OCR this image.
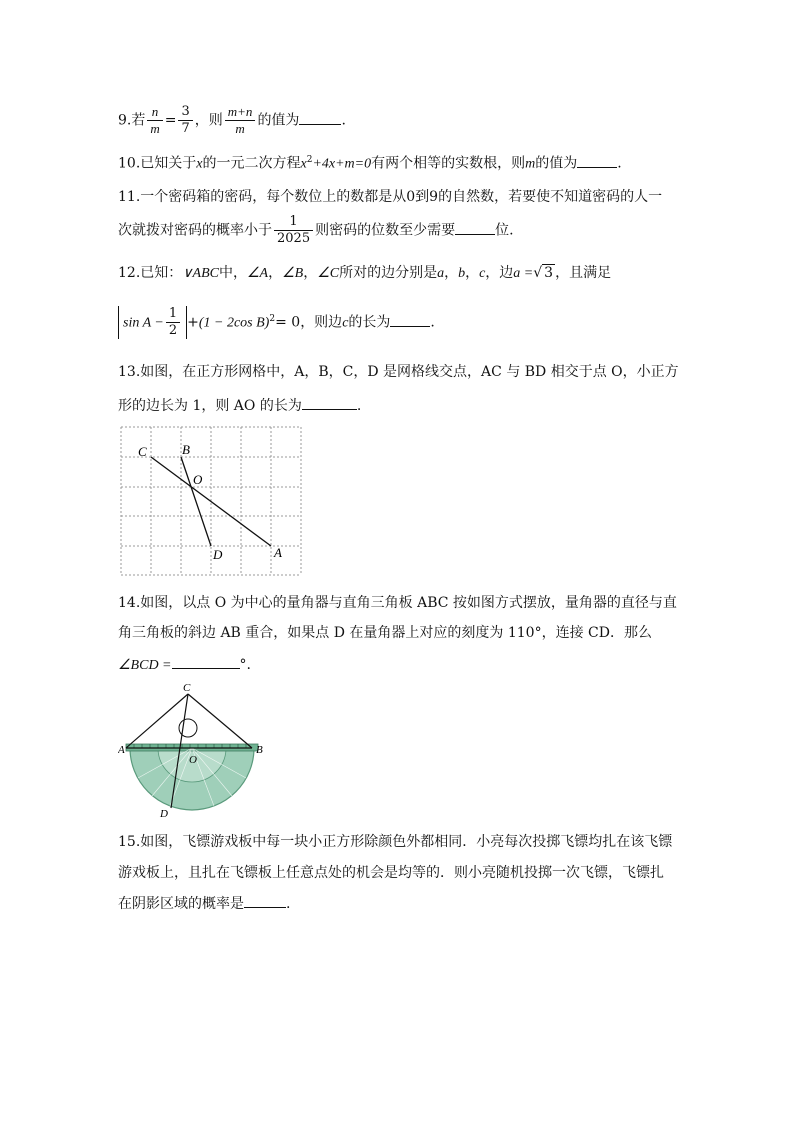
9.若 $\frac{n}{m} = \frac{3}{7}$ ，则 $\frac{m+n}{m}$ 的值为	.
10.已知关于x的一元二次方程$x^2+4x+m=0$有两个相等的实数根，则m的值为	.
11.一个密码箱的密码，每个数位上的数都是从0到9的自然数，若要使不知道密码的人一
次就拨对密码的概率小于 $\frac{1}{2025}$ 则密码的位数至少需要	位.
12.已知：∨ABC中，∠A，∠B，∠C所对的边分别是a，b，c，边a =√ 3 ，且满足
$\sin A - \frac{1}{2} +(1 - 2\cos$ B)$^2$= 0，则边c的长为	.
13.如图，在正方形网格中，A，B，C，D 是网格线交点，AC 与 BD 相交于点 O，小正方
形的边长为 1，则 AO 的长为	.
C	B
O
D	A
14.如图，以点 O 为中心的量角器与直角三角板 ABC 按如图方式摆放，量角器的直径与直
角三角板的斜边 AB 重合，如果点 D 在量角器上对应的刻度为 110°，连接 CD．那么
∠BCD =	°.
C
A	B
O
D
15.如图，飞镖游戏板中每一块小正方形除颜色外都相同．小亮每次投掷飞镖均扎在该飞镖
游戏板上，且扎在飞镖板上任意点处的机会是均等的．则小亮随机投掷一次飞镖，飞镖扎
在阴影区域的概率是	.
